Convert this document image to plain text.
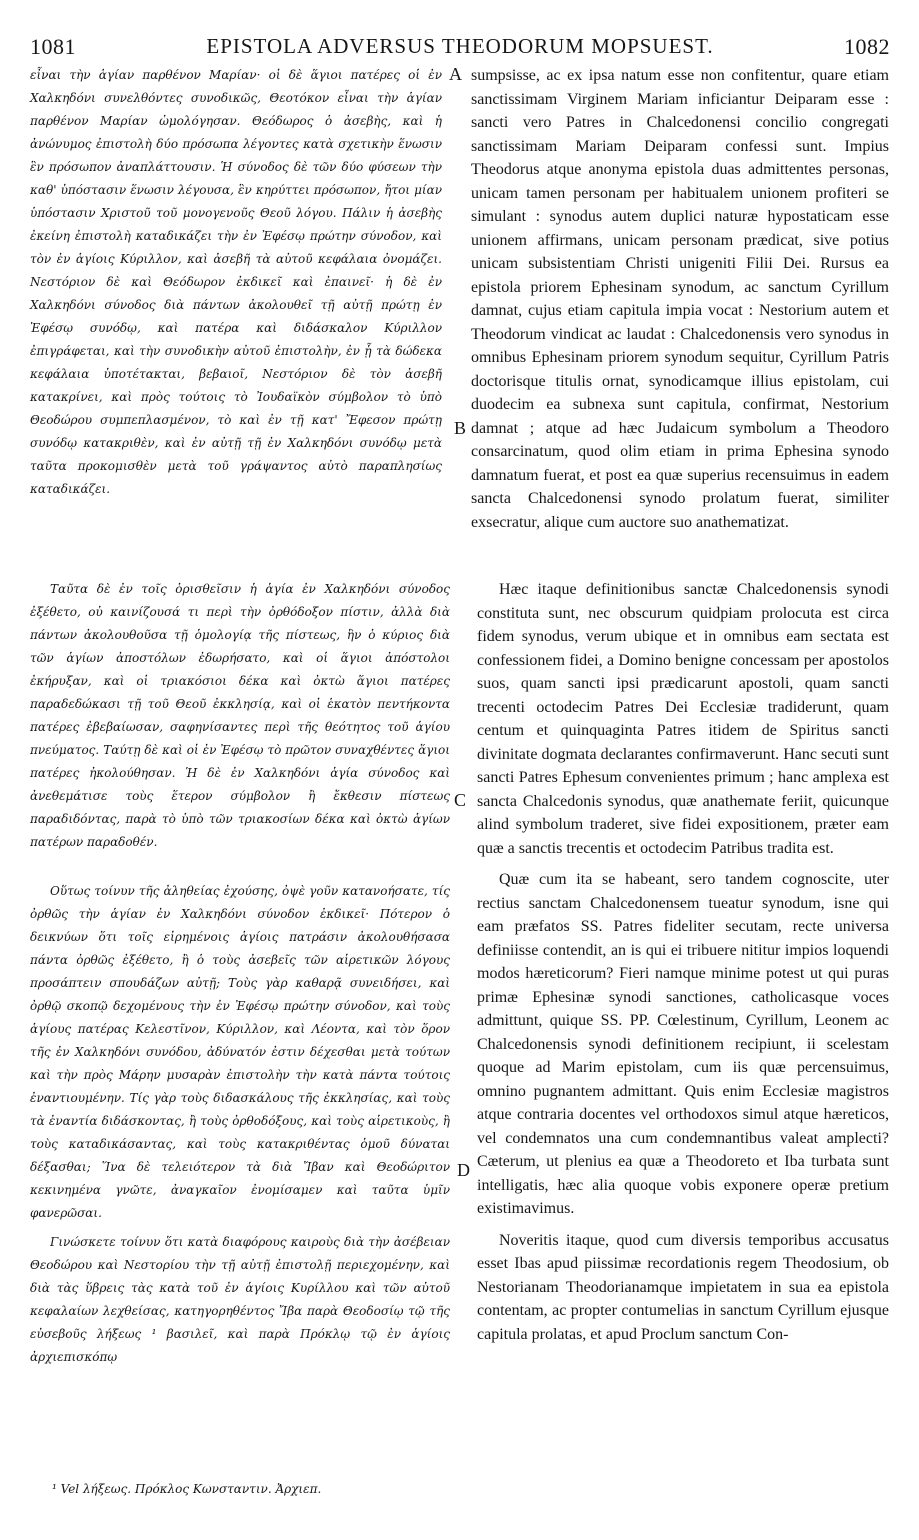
1081	EPISTOLA ADVERSUS THEODORUM MOPSUEST.	1082

εἶναι τὴν ἁγίαν παρθένον Μαρίαν· οἱ δὲ ἅγιοι πατέρες οἱ ἐν Χαλκηδόνι συνελθόντες συνοδικῶς, Θεοτόκον εἶναι τὴν ἁγίαν παρθένον Μαρίαν ὡμολόγησαν. Θεόδωρος ὁ ἀσεβὴς, καὶ ἡ ἀνώνυμος ἐπιστολὴ δύο πρόσωπα λέγοντες κατὰ σχετικὴν ἕνωσιν ἓν πρόσωπον ἀναπλάττουσιν. Ἡ σύνοδος δὲ τῶν δύο φύσεων τὴν καθ' ὑπόστασιν ἕνωσιν λέγουσα, ἓν κηρύττει πρόσωπον, ἤτοι μίαν ὑπόστασιν Χριστοῦ τοῦ μονογενοῦς Θεοῦ λόγου. Πάλιν ἡ ἀσεβὴς ἐκείνη ἐπιστολὴ καταδικάζει τὴν ἐν Ἐφέσῳ πρώτην σύνοδον, καὶ τὸν ἐν ἁγίοις Κύριλλον, καὶ ἀσεβῆ τὰ αὐτοῦ κεφάλαια ὀνομάζει. Νεστόριον δὲ καὶ Θεόδωρον ἐκδικεῖ καὶ ἐπαινεῖ· ἡ δὲ ἐν Χαλκηδόνι σύνοδος διὰ πάντων ἀκολουθεῖ τῇ αὐτῇ πρώτῃ ἐν Ἐφέσῳ συνόδῳ, καὶ πατέρα καὶ διδάσκαλον Κύριλλον ἐπιγράφεται, καὶ τὴν συνοδικὴν αὐτοῦ ἐπιστολὴν, ἐν ᾗ τὰ δώδεκα κεφάλαια ὑποτέτακται, βεβαιοῖ, Νεστόριον δὲ τὸν ἀσεβῆ κατακρίνει, καὶ πρὸς τούτοις τὸ Ἰουδαϊκὸν σύμβολον τὸ ὑπὸ Θεοδώρου συμπεπλασμένον, τὸ καὶ ἐν τῇ κατ' Ἔφεσον πρώτῃ συνόδῳ κατακριθὲν, καὶ ἐν αὐτῇ τῇ ἐν Χαλκηδόνι συνόδῳ μετὰ ταῦτα προκομισθὲν μετὰ τοῦ γράψαντος αὐτὸ παραπλησίως καταδικάζει.

A sumpsisse, ac ex ipsa natum esse non confitentur, quare etiam sanctissimam Virginem Mariam inficiantur Deiparam esse : sancti vero Patres in Chalcedonensi concilio congregati sanctissimam Mariam Deiparam confessi sunt. Impius Theodorus atque anonyma epistola duas admittentes personas, unicam tamen personam per habitualem unionem profiteri se simulant : synodus autem duplici naturæ hypostaticam esse unionem affirmans, unicam personam prædicat, sive potius unicam subsistentiam Christi unigeniti Filii Dei. Rursus ea epistola priorem Ephesinam synodum, ac sanctum Cyrillum damnat, cujus etiam capitula impia vocat : Nestorium autem et Theodorum vindicat ac laudat : Chalcedonensis vero synodus in omnibus Ephesinam priorem synodum sequitur, Cyrillum Patris doctorisque titulis ornat, synodicamque illius epistolam, cui duodecim ea subnexa sunt capitula, confirmat, Nestorium damnat ; atque ad hæc Judaicum symbolum a Theodoro consarcinatum, quod olim etiam in prima Ephesina synodo damnatum fuerat, et post ea quæ superius recensuimus in eadem sancta Chalcedonensi synodo prolatum fuerat, similiter exsecratur, alique cum auctore suo anathematizat.

B

Ταῦτα δὲ ἐν τοῖς ὁρισθεῖσιν ἡ ἁγία ἐν Χαλκηδόνι σύνοδος ἐξέθετο, οὐ καινίζουσά τι περὶ τὴν ὀρθόδοξον πίστιν, ἀλλὰ διὰ πάντων ἀκολουθοῦσα τῇ ὁμολογίᾳ τῆς πίστεως, ἣν ὁ κύριος διὰ τῶν ἁγίων ἀποστόλων ἐδωρήσατο, καὶ οἱ ἅγιοι ἀπόστολοι ἐκήρυξαν, καὶ οἱ τριακόσιοι δέκα καὶ ὀκτὼ ἅγιοι πατέρες παραδεδώκασι τῇ τοῦ Θεοῦ ἐκκλησίᾳ, καὶ οἱ ἑκατὸν πεντήκοντα πατέρες ἐβεβαίωσαν, σαφηνίσαντες περὶ τῆς θεότητος τοῦ ἁγίου πνεύματος. Ταύτῃ δὲ καὶ οἱ ἐν Ἐφέσῳ τὸ πρῶτον συναχθέντες ἅγιοι πατέρες ἠκολούθησαν. Ἡ δὲ ἐν Χαλκηδόνι ἁγία σύνοδος καὶ ἀνεθεμάτισε τοὺς ἕτερον σύμβολον ἢ ἔκθεσιν πίστεως παραδιδόντας, παρὰ τὸ ὑπὸ τῶν τριακοσίων δέκα καὶ ὀκτὼ ἁγίων πατέρων παραδοθέν.

C

Hæc itaque definitionibus sanctæ Chalcedonensis synodi constituta sunt, nec obscurum quidpiam prolocuta est circa fidem synodus, verum ubique et in omnibus eam sectata est confessionem fidei, a Domino benigne concessam per apostolos suos, quam sancti ipsi prædicarunt apostoli, quam sancti trecenti octodecim Patres Dei Ecclesiæ tradiderunt, quam centum et quinquaginta Patres itidem de Spiritus sancti divinitate dogmata declarantes confirmaverunt. Hanc secuti sunt sancti Patres Ephesum convenientes primum ; hanc amplexa est sancta Chalcedonis synodus, quæ anathemate feriit, quicunque alind symbolum traderet, sive fidei expositionem, præter eam quæ a sanctis trecentis et octodecim Patribus tradita est.

Quæ cum ita se habeant, sero tandem cognoscite, uter rectius sanctam Chalcedonensem tueatur synodum, isne qui eam præfatos SS. Patres fideliter secutam, recte universa definiisse contendit, an is qui ei tribuere nititur impios loquendi modos hæreticorum? Fieri namque minime potest ut qui puras primæ Ephesinæ synodi sanctiones, catholicasque voces admittunt, quique SS. PP. Cœlestinum, Cyrillum, Leonem ac Chalcedonensis synodi definitionem recipiunt, ii scelestam quoque ad Marim epistolam, cum iis quæ percensuimus, omnino pugnantem admittant. Quis enim Ecclesiæ magistros atque contraria docentes vel orthodoxos simul atque hæreticos, vel condemnatos una cum condemnantibus valeat amplecti? Cæterum, ut plenius ea quæ a Theodoreto et Iba turbata sunt intelligatis, hæc alia quoque vobis exponere operæ pretium existimavimus.

Noveritis itaque, quod cum diversis temporibus accusatus esset Ibas apud piissimæ recordationis regem Theodosium, ob Nestorianam Theodorianamque impietatem in sua ea epistola contentam, ac propter contumelias in sanctum Cyrillum ejusque capitula prolatas, et apud Proclum sanctum Con-

Οὕτως τοίνυν τῆς ἀληθείας ἐχούσης, ὀψὲ γοῦν κατανοήσατε, τίς ὀρθῶς τὴν ἁγίαν ἐν Χαλκηδόνι σύνοδον ἐκδικεῖ· Πότερον ὁ δεικνύων ὅτι τοῖς εἰρημένοις ἁγίοις πατράσιν ἀκολουθήσασα πάντα ὀρθῶς ἐξέθετο, ἢ ὁ τοὺς ἀσεβεῖς τῶν αἱρετικῶν λόγους προσάπτειν σπουδάζων αὐτῇ; Τοὺς γὰρ καθαρᾷ συνειδήσει, καὶ ὀρθῷ σκοπῷ δεχομένους τὴν ἐν Ἐφέσῳ πρώτην σύνοδον, καὶ τοὺς ἁγίους πατέρας Κελεστῖνον, Κύριλλον, καὶ Λέοντα, καὶ τὸν ὅρον τῆς ἐν Χαλκηδόνι συνόδου, ἀδύνατόν ἐστιν δέχεσθαι μετὰ τούτων καὶ τὴν πρὸς Μάρην μυσαρὰν ἐπιστολὴν τὴν κατὰ πάντα τούτοις ἐναντιουμένην. Τίς γὰρ τοὺς διδασκάλους τῆς ἐκκλησίας, καὶ τοὺς τὰ ἐναντία διδάσκοντας, ἢ τοὺς ὀρθοδόξους, καὶ τοὺς αἱρετικοὺς, ἢ τοὺς καταδικάσαντας, καὶ τοὺς κατακριθέντας ὁμοῦ δύναται δέξασθαι; Ἵνα δὲ τελειότερον τὰ διὰ Ἴβαν καὶ Θεοδώριτον κεκινημένα γνῶτε, ἀναγκαῖον ἐνομίσαμεν καὶ ταῦτα ὑμῖν φανερῶσαι.

Γινώσκετε τοίνυν ὅτι κατὰ διαφόρους καιροὺς διὰ τὴν ἀσέβειαν Θεοδώρου καὶ Νεστορίου τὴν τῇ αὐτῇ ἐπιστολῇ περιεχομένην, καὶ διὰ τὰς ὕβρεις τὰς κατὰ τοῦ ἐν ἁγίοις Κυρίλλου καὶ τῶν αὐτοῦ κεφαλαίων λεχθείσας, κατηγορηθέντος Ἴβα παρὰ Θεοδοσίῳ τῷ τῆς εὐσεβοῦς λήξεως ¹ βασιλεῖ, καὶ παρὰ Πρόκλῳ τῷ ἐν ἁγίοις ἀρχιεπισκόπῳ

D
¹ Vel λήξεως. Πρόκλος Κωνσταντιν. Ἀρχιεπ.
